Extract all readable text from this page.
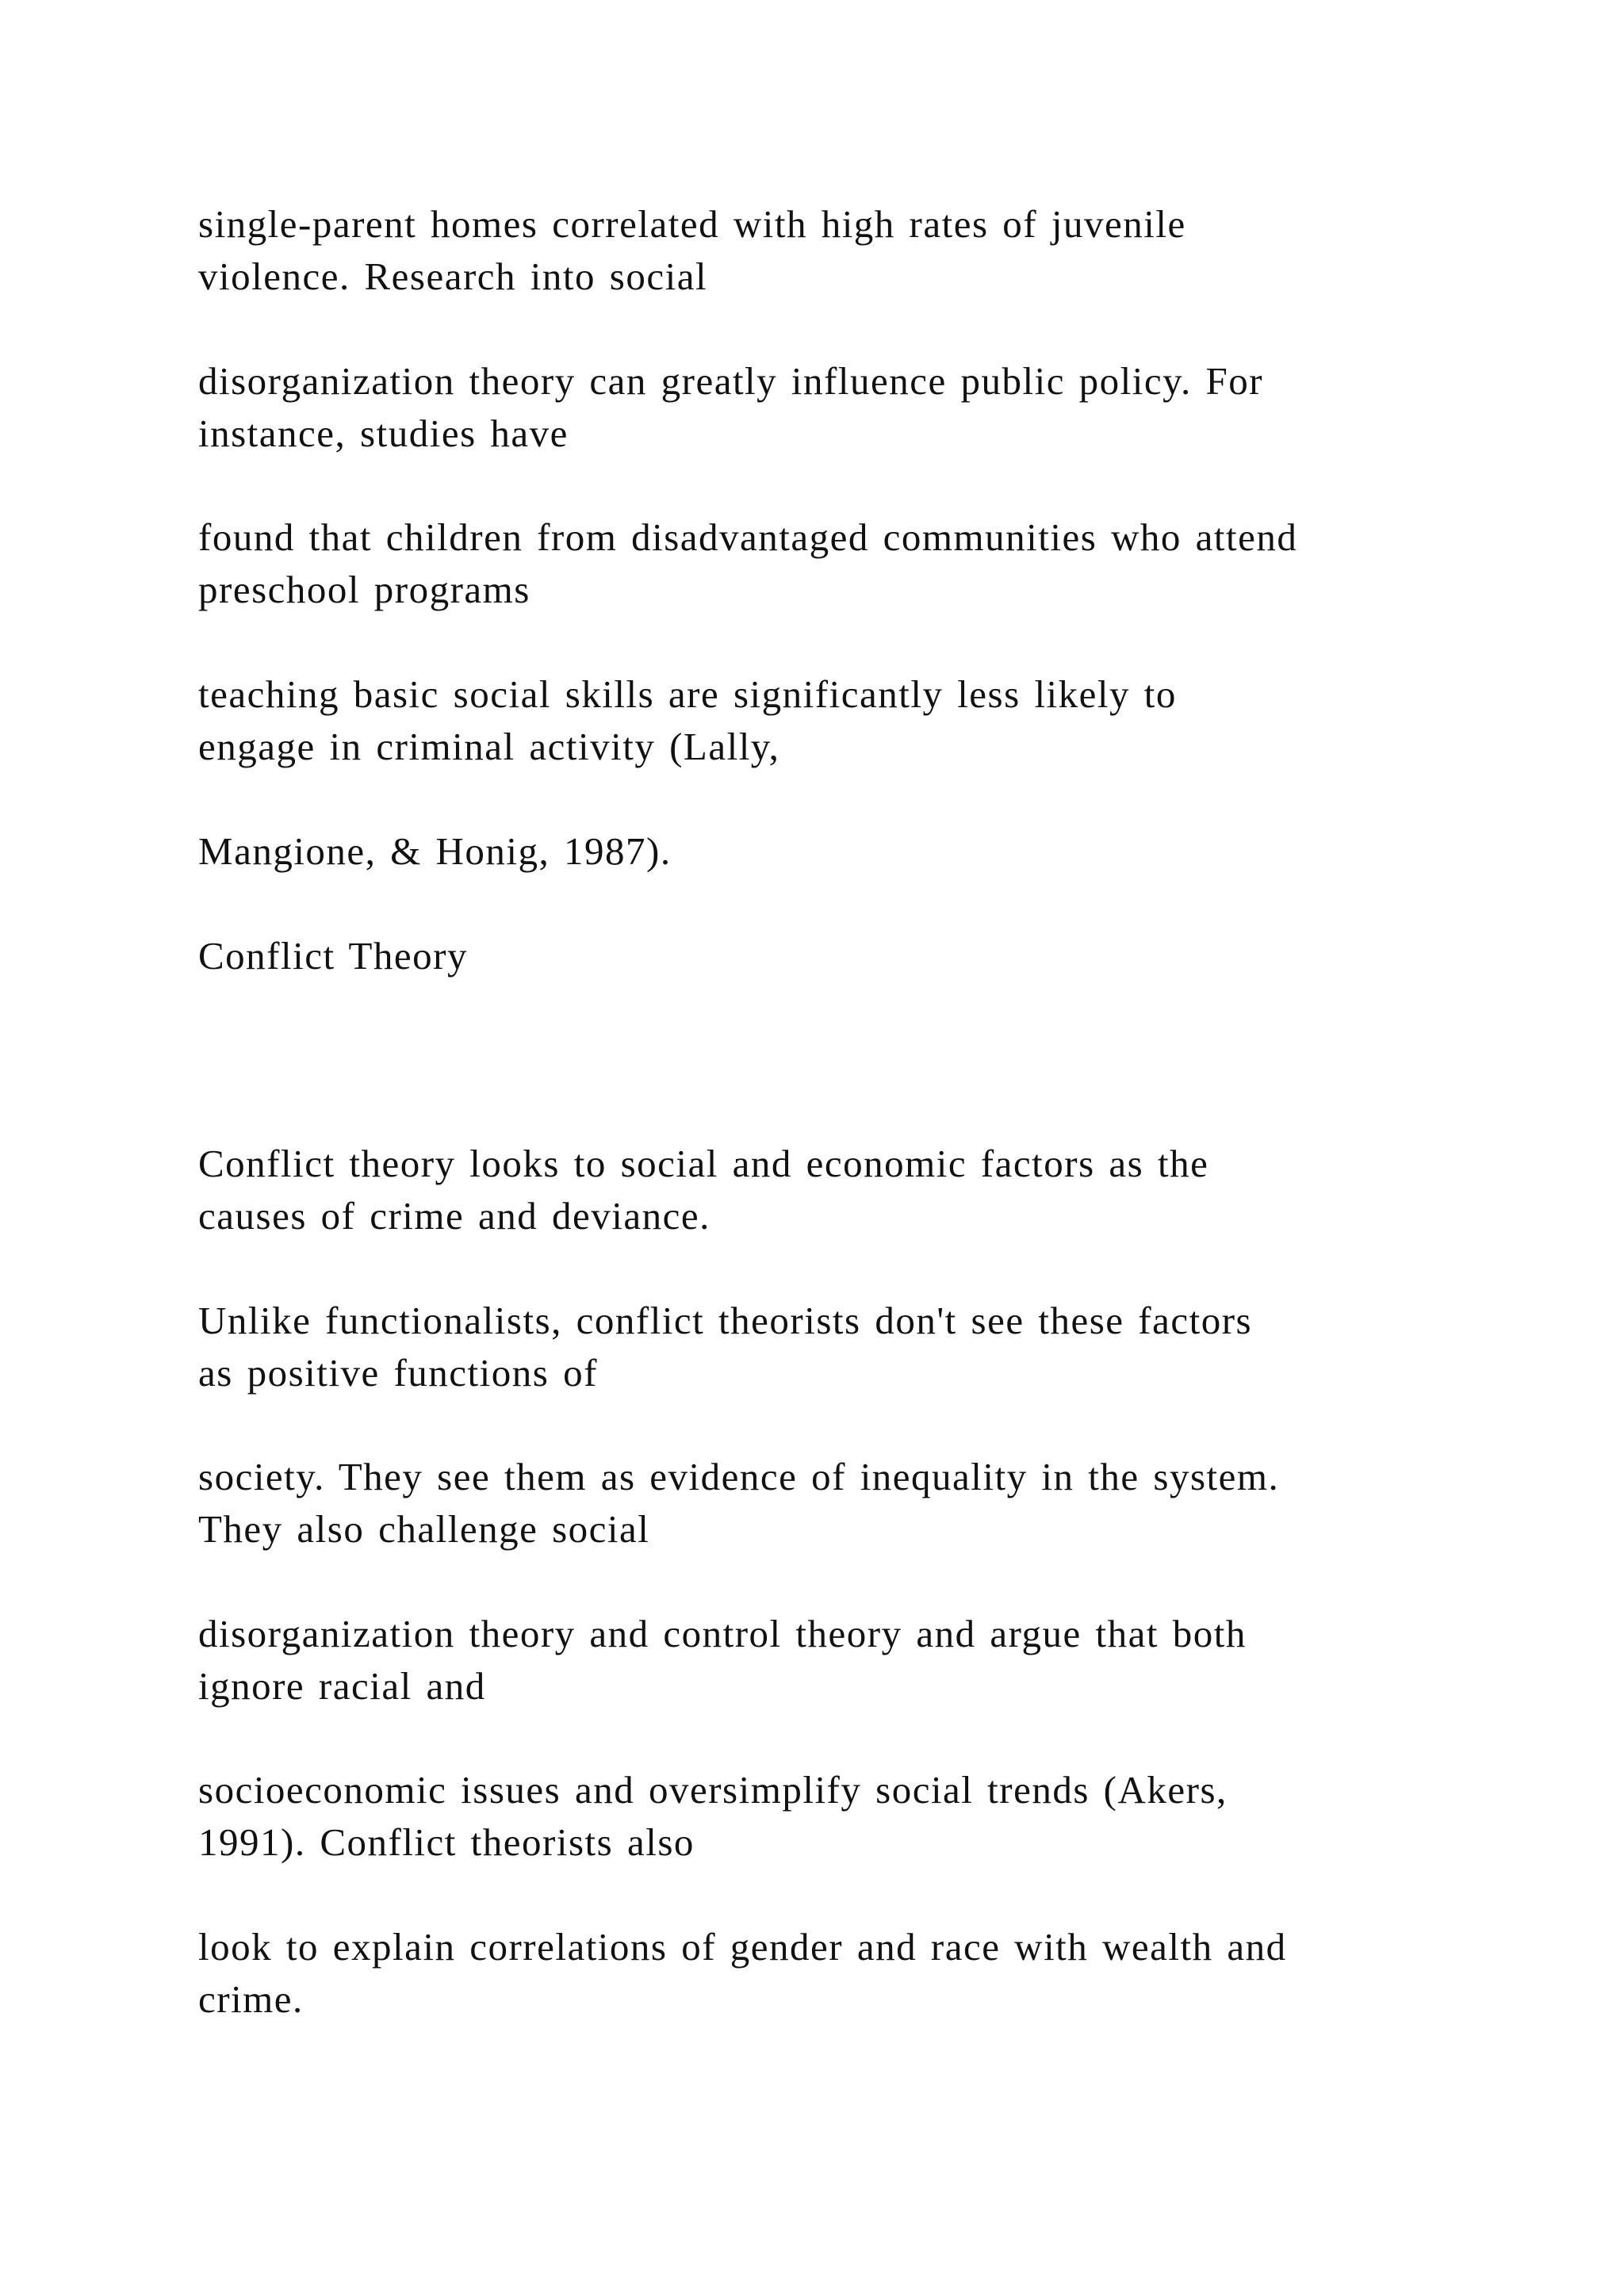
single-parent homes correlated with high rates of juvenile
violence. Research into social

disorganization theory can greatly influence public policy. For
instance, studies have

found that children from disadvantaged communities who attend
preschool programs

teaching basic social skills are significantly less likely to
engage in criminal activity (Lally,

Mangione, & Honig, 1987).

Conflict Theory

Conflict theory looks to social and economic factors as the
causes of crime and deviance.

Unlike functionalists, conflict theorists don't see these factors
as positive functions of

society. They see them as evidence of inequality in the system.
They also challenge social

disorganization theory and control theory and argue that both
ignore racial and

socioeconomic issues and oversimplify social trends (Akers,
1991). Conflict theorists also

look to explain correlations of gender and race with wealth and
crime.
